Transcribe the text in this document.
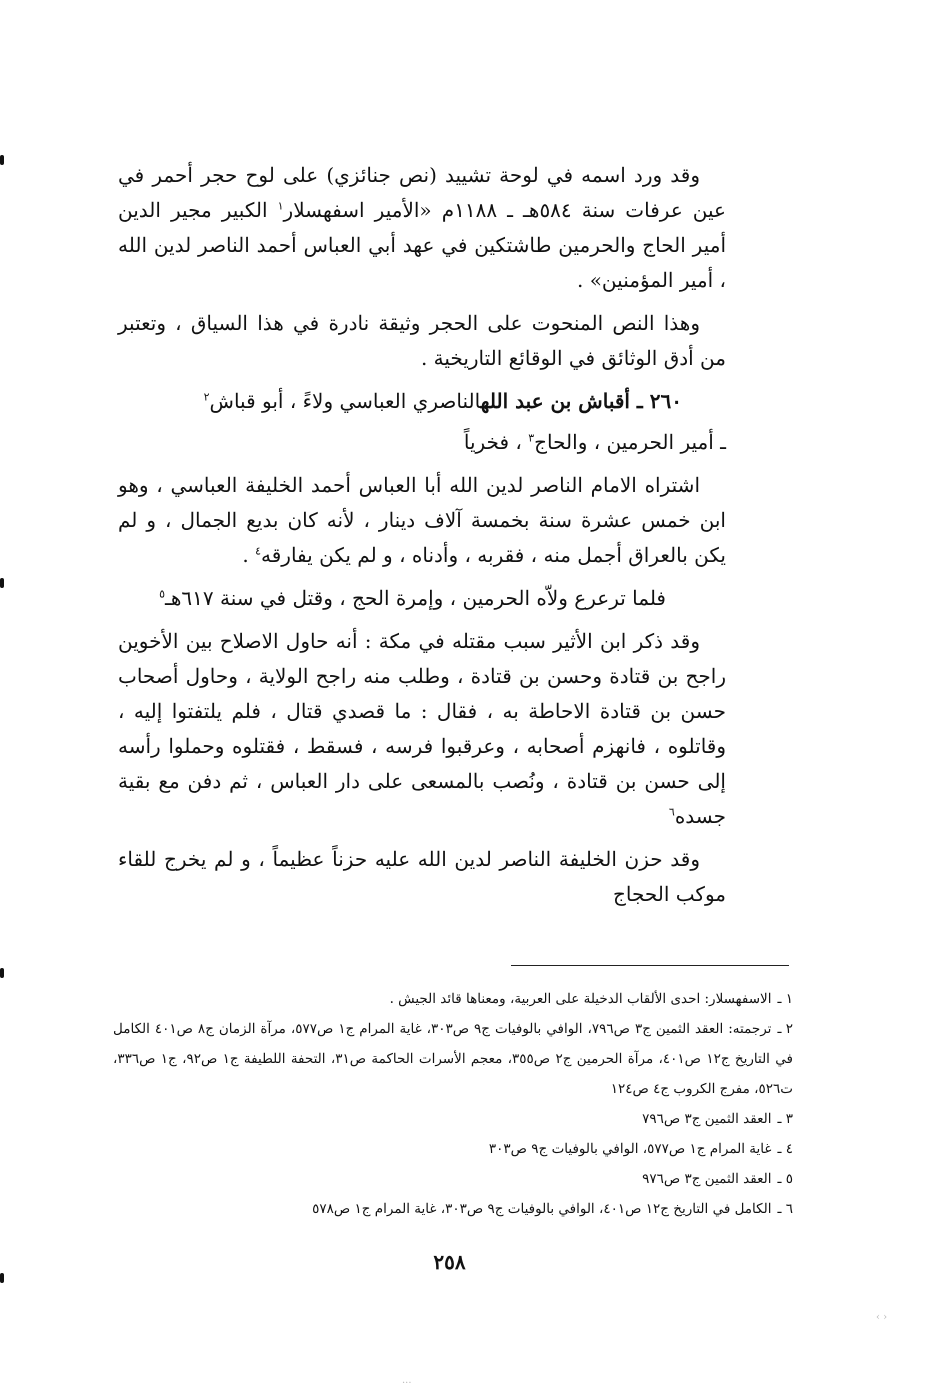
وقد ورد اسمه في لوحة تشييد (نص جنائزي) على لوح حجر أحمر في عين عرفات سنة ٥٨٤هـ ـ ١١٨٨م «الأمير اسفهسلار$^١$ الكبير مجير الدين أمير الحاج والحرمين طاشتكين في عهد أبي العباس أحمد الناصر لدين الله ، أمير المؤمنين» .

وهذا النص المنحوت على الحجر وثيقة نادرة في هذا السياق ، وتعتبر من أدق الوثائق في الوقائع التاريخية .

٢٦٠ ـ أقباش بن عبد اللهالناصري العباسي ولاءً ، أبو قباش$^٢$

ـ أمير الحرمين ، والحاج$^٣$ ، فخرياً

اشتراه الامام الناصر لدين الله أبا العباس أحمد الخليفة العباسي ، وهو ابن خمس عشرة سنة بخمسة آلاف دينار ، لأنه كان بديع الجمال ، و لم يكن بالعراق أجمل منه ، فقربه ، وأدناه ، و لم يكن يفارقه$^٤$ .

فلما ترعرع ولاّه الحرمين ، وإمرة الحج ، وقتل في سنة ٦١٧هـ$^٥$

وقد ذكر ابن الأثير سبب مقتله في مكة : أنه حاول الاصلاح بين الأخوين راجح بن قتادة وحسن بن قتادة ، وطلب منه راجح الولاية ، وحاول أصحاب حسن بن قتادة الاحاطة به ، فقال : ما قصدي قتال ، فلم يلتفتوا إليه ، وقاتلوه ، فانهزم أصحابه ، وعرقبوا فرسه ، فسقط ، فقتلوه وحملوا رأسه إلى حسن بن قتادة ، ونُصب بالمسعى على دار العباس ، ثم دفن مع بقية جسده$^٦$

وقد حزن الخليفة الناصر لدين الله عليه حزناً عظيماً ، و لم يخرج للقاء موكب الحجاج

١ ـالاسفهسلار: احدى الألقاب الدخيلة على العربية، ومعناها قائد الجيش .
٢ ـترجمته: العقد الثمين ج٣ ص٧٩٦، الوافي بالوفيات ج٩ ص٣٠٣، غاية المرام ج١ ص٥٧٧، مرآة الزمان ج٨ ص٤٠١ الكامل في التاريخ ج١٢ ص٤٠١، مرآة الحرمين ج٢ ص٣٥٥، معجم الأسرات الحاكمة ص٣١، التحفة اللطيفة ج١ ص٩٢، ج١ ص٣٣٦، ت٥٢٦، مفرج الكروب ج٤ ص١٢٤
٣ ـالعقد الثمين ج٣ ص٧٩٦
٤ ـغاية المرام ج١ ص٥٧٧، الوافي بالوفيات ج٩ ص٣٠٣
٥ ـالعقد الثمين ج٣ ص٩٧٦
٦ ـالكامل في التاريخ ج١٢ ص٤٠١، الوافي بالوفيات ج٩ ص٣٠٣، غاية المرام ج١ ص٥٧٨
٢٥٨
‹ ›
···
